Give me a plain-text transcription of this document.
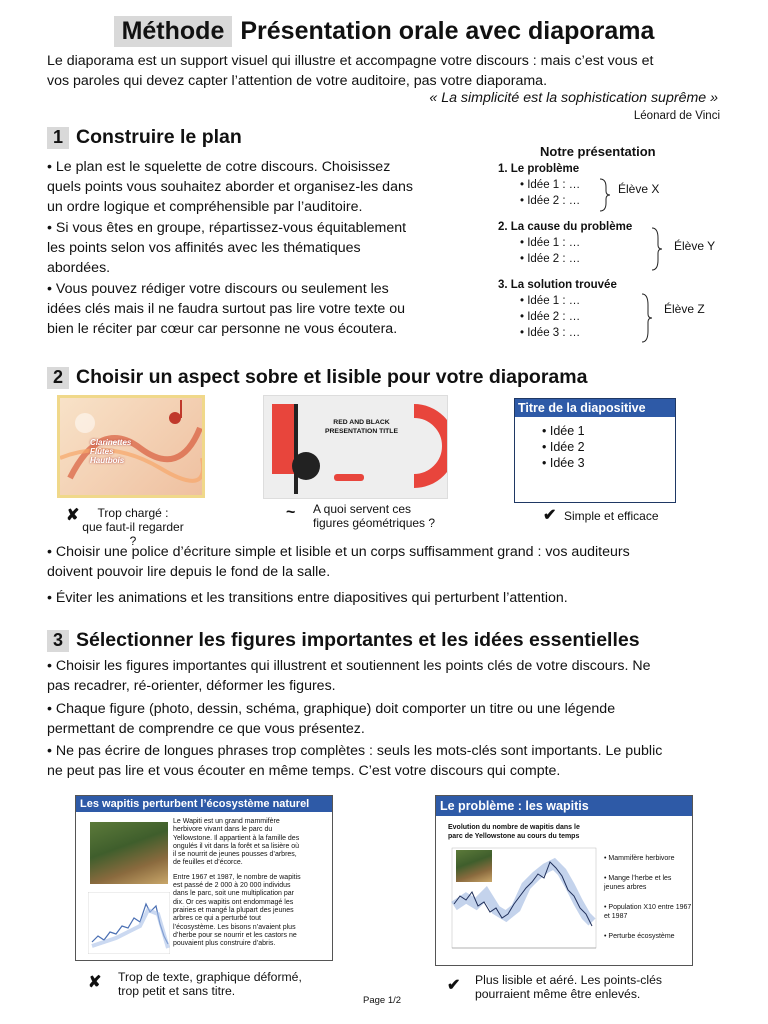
Méthode Présentation orale avec diaporama
Le diaporama est un support visuel qui illustre et accompagne votre discours : mais c’est vous et
vos paroles qui devez capter l’attention de votre auditoire, pas votre diaporama.
« La simplicité est la sophistication suprême »
Léonard de Vinci
1 Construire le plan
• Le plan est le squelette de cotre discours. Choisissez
quels points vous souhaitez aborder et organisez-les dans
un ordre logique et compréhensible par l’auditoire.
• Si vous êtes en groupe, répartissez-vous équitablement
les points selon vos affinités avec les thématiques
abordées.
• Vous pouvez rédiger votre discours ou seulement les
idées clés mais il ne faudra surtout pas lire votre texte ou
bien le réciter par cœur car personne ne vous écoutera.
Notre présentation
1. Le problème
• Idée 1 : …
• Idée 2 : …
Élève X
2. La cause du problème
• Idée 1 : …
• Idée 2 : …
Élève Y
3. La solution trouvée
• Idée 1 : …
• Idée 2 : …
• Idée 3 : …
Élève Z
2 Choisir un aspect sobre et lisible pour votre diaporama
Clarinettes
Flûtes
Hautbois
✘	Trop chargé :
que faut-il regarder ?
RED AND BLACK
PRESENTATION TITLE
~ A quoi servent ces
figures géométriques ?
Titre de la diapositive
• Idée 1
• Idée 2
• Idée 3
✔ Simple et efficace
• Choisir une police d’écriture simple et lisible et un corps suffisamment grand : vos auditeurs
doivent pouvoir lire depuis le fond de la salle.
• Éviter les animations et les transitions entre diapositives qui perturbent l’attention.
3 Sélectionner les figures importantes et les idées essentielles
• Choisir les figures importantes qui illustrent et soutiennent les points clés de votre discours. Ne
pas recadrer, ré-orienter, déformer les figures.
• Chaque figure (photo, dessin, schéma, graphique) doit comporter un titre ou une légende
permettant de comprendre ce que vous présentez.
• Ne pas écrire de longues phrases trop complètes : seuls les mots-clés sont importants. Le public
ne peut pas lire et vous écouter en même temps. C’est votre discours qui compte.
Les wapitis perturbent l’écosystème naturel
Le Wapiti est un grand mammifère
herbivore vivant dans le parc du
Yellowstone. Il appartient à la famille des
ongulés il vit dans la forêt et sa lisière où
il se nourrit de jeunes pousses d’arbres,
de feuilles et d’écorce.
Entre 1967 et 1987, le nombre de wapitis
est passé de 2 000 à 20 000 individus
dans le parc, soit une multiplication par
dix. Or ces wapitis ont endommagé les
prairies et mangé la plupart des jeunes
arbres ce qui a perturbé tout
l’écosystème. Les bisons n’avaient plus
d’herbe pour se nourrir et les castors ne
pouvaient plus construire d’abris.
✘ Trop de texte, graphique déformé,
trop petit et sans titre.
Le problème : les wapitis
Evolution du nombre de wapitis dans le
parc de Yellowstone au cours du temps
• Mammifère herbivore
• Mange l’herbe et les jeunes arbres
• Population X10 entre 1967 et 1987
• Perturbe écosystème
✔ Plus lisible et aéré. Les points-clés
pourraient même être enlevés.
Page 1/2
